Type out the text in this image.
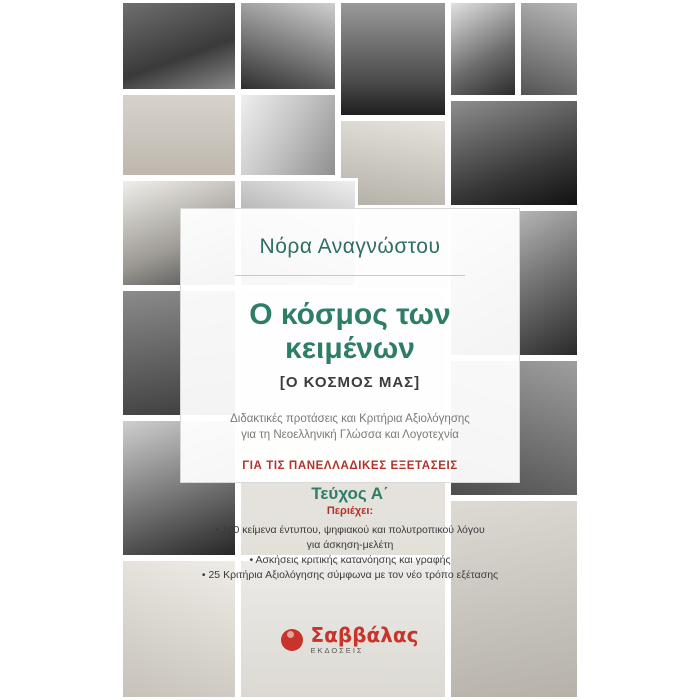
Νόρα Αναγνώστου
Ο κόσμος των κειμένων
[Ο ΚΟΣΜΟΣ ΜΑΣ]
Διδακτικές προτάσεις και Κριτήρια Αξιολόγησης
για τη Νεοελληνική Γλώσσα και Λογοτεχνία
ΓΙΑ ΤΙΣ ΠΑΝΕΛΛΑΔΙΚΕΣ ΕΞΕΤΑΣΕΙΣ
Τεύχος Α΄
Περιέχει:
• 100 κείμενα έντυπου, ψηφιακού και πολυτροπικού λόγου
για άσκηση-μελέτη
• Ασκήσεις κριτικής κατανόησης και γραφής
• 25 Κριτήρια Αξιολόγησης σύμφωνα με τον νέο τρόπο εξέτασης
Σαββάλας
ΕΚΔΟΣΕΙΣ
